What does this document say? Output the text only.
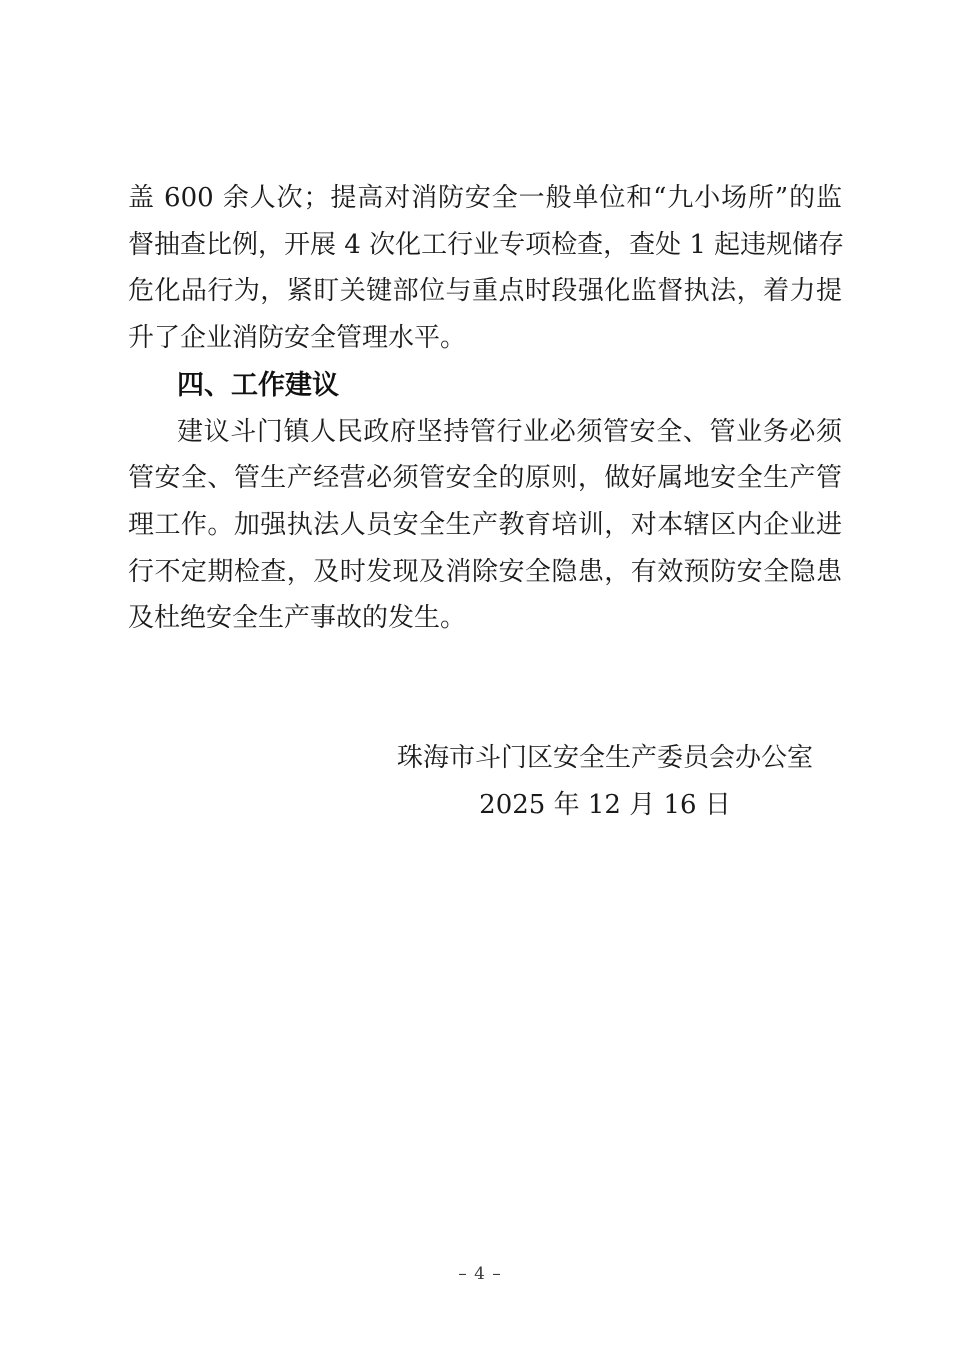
盖 600 余人次；提高对消防安全一般单位和“九小场所”的监
督抽查比例，开展 4 次化工行业专项检查，查处 1 起违规储存
危化品行为，紧盯关键部位与重点时段强化监督执法，着力提
升了企业消防安全管理水平。
四、工作建议
建议斗门镇人民政府坚持管行业必须管安全、管业务必须
管安全、管生产经营必须管安全的原则，做好属地安全生产管
理工作。加强执法人员安全生产教育培训，对本辖区内企业进
行不定期检查，及时发现及消除安全隐患，有效预防安全隐患
及杜绝安全生产事故的发生。
珠海市斗门区安全生产委员会办公室
2025 年 12 月 16 日
– 4 –
